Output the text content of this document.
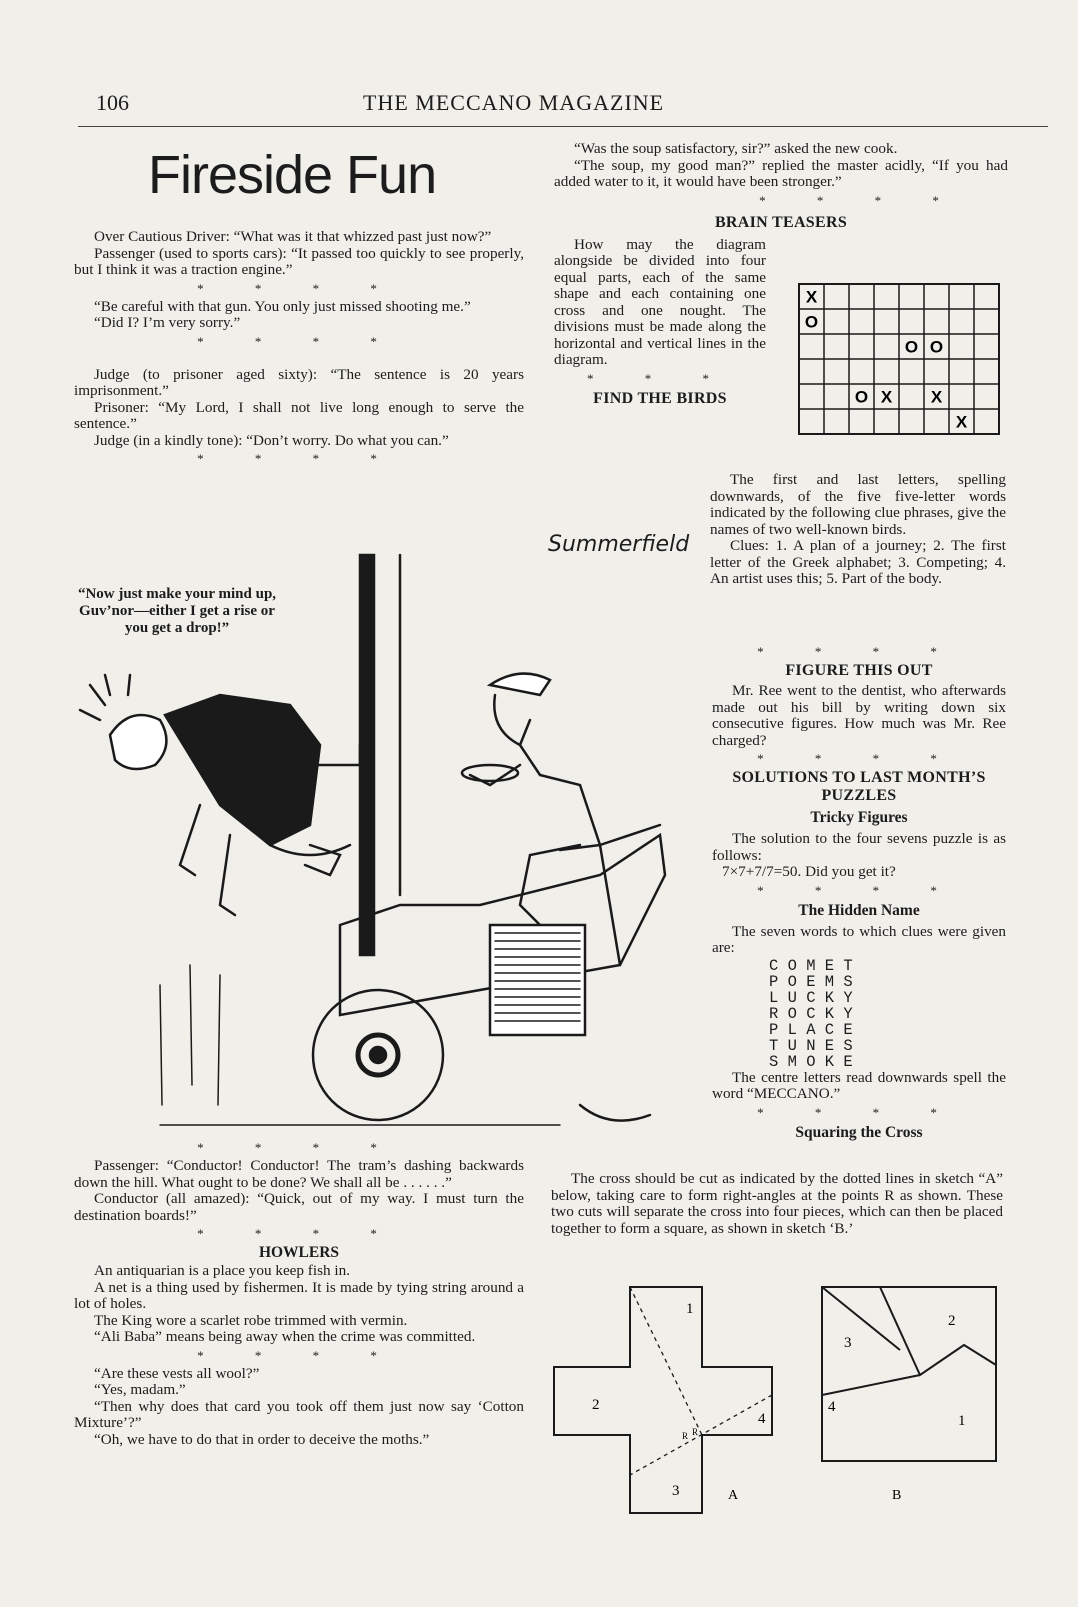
106	THE MECCANO MAGAZINE
Fireside Fun

Over Cautious Driver: “What was it that whizzed past just now?”

Passenger (used to sports cars): “It passed too quickly to see properly, but I think it was a traction engine.”

* * * *

“Be careful with that gun. You only just missed shooting me.”

“Did I? I’m very sorry.”

* * * *

Judge (to prisoner aged sixty): “The sentence is 20 years imprisonment.”

Prisoner: “My Lord, I shall not live long enough to serve the sentence.”

Judge (in a kindly tone): “Don’t worry. Do what you can.”

* * * *
“Now just make your mind up, Guv’nor—either I get a rise or you get a drop!”
* * * *

Passenger: “Conductor! Conductor! The tram’s dashing backwards down the hill. What ought to be done? We shall all be . . . . . .”

Conductor (all amazed): “Quick, out of my way. I must turn the destination boards!”

* * * *
HOWLERS

An antiquarian is a place you keep fish in.

A net is a thing used by fishermen. It is made by tying string around a lot of holes.

The King wore a scarlet robe trimmed with vermin.

“Ali Baba” means being away when the crime was committed.

* * * *

“Are these vests all wool?”

“Yes, madam.”

“Then why does that card you took off them just now say ‘Cotton Mixture’?”

“Oh, we have to do that in order to deceive the moths.”

“Was the soup satisfactory, sir?” asked the new cook.

“The soup, my good man?” replied the master acidly, “If you had added water to it, it would have been stronger.”

* * * *
BRAIN TEASERS

How may the diagram alongside be divided into four equal parts, each of the same shape and each containing one cross and one nought. The divisions must be made along the horizontal and vertical lines in the diagram.

* * *
FIND THE BIRDS

The first and last letters, spelling downwards, of the five five-letter words indicated by the following clue phrases, give the names of two well-known birds.

Clues: 1. A plan of a journey; 2. The first letter of the Greek alphabet; 3. Competing; 4. An artist uses this; 5. Part of the body.

Summerfield
* * * *
FIGURE THIS OUT

Mr. Ree went to the dentist, who afterwards made out his bill by writing down six consecutive figures. How much was Mr. Ree charged?

* * * *
SOLUTIONS TO LAST MONTH’S PUZZLES
Tricky Figures

The solution to the four sevens puzzle is as follows:

7×7+7/7=50. Did you get it?

* * * *
The Hidden Name

The seven words to which clues were given are:

C O M E T
P O E M S
L U C K Y
R O C K Y
P L A C E
T U N E S
S M O K E

The centre letters read downwards spell the word “MECCANO.”

* * * *
Squaring the Cross

The cross should be cut as indicated by the dotted lines in sketch “A” below, taking care to form right-angles at the points R as shown. These two cuts will separate the cross into four pieces, which can then be placed together to form a square, as shown in sketch ‘B.’

X
O
O O
O X X
X
1
2
3
4
R R
A
2
3
4
1
B
